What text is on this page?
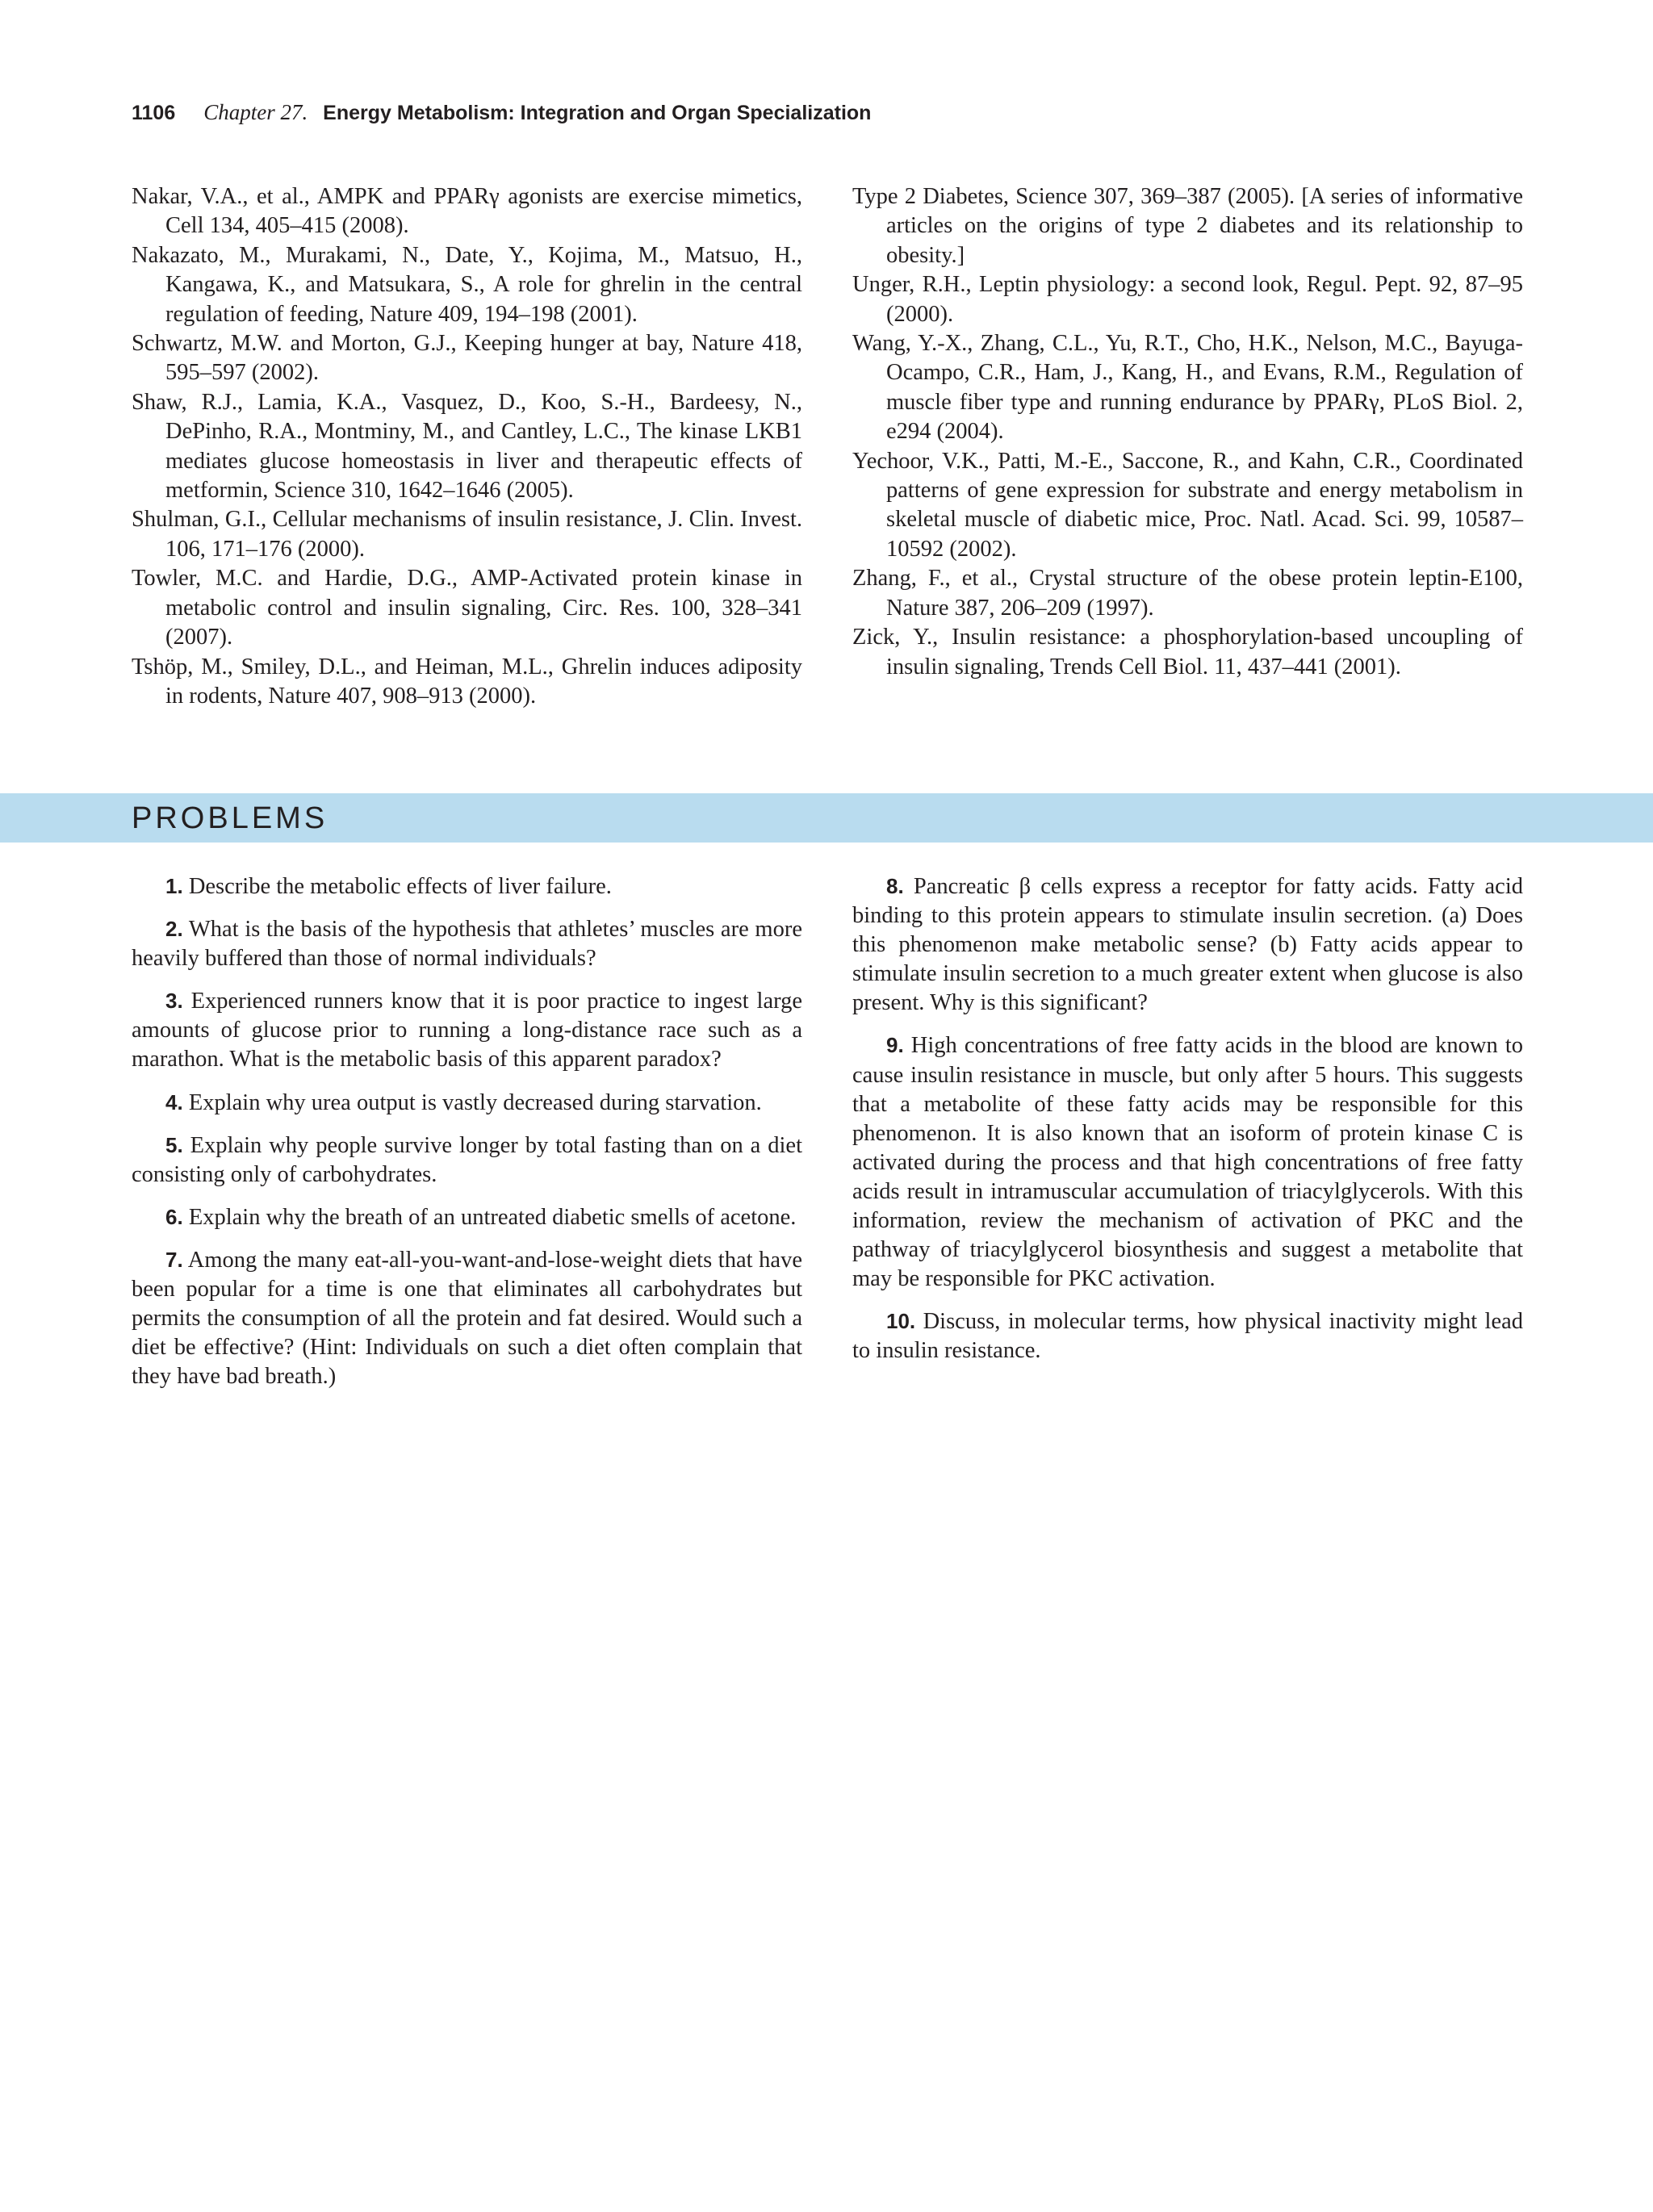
1106 Chapter 27. Energy Metabolism: Integration and Organ Specialization

Nakar, V.A., et al., AMPK and PPARγ agonists are exercise mimetics, Cell 134, 405–415 (2008).

Nakazato, M., Murakami, N., Date, Y., Kojima, M., Matsuo, H., Kangawa, K., and Matsukara, S., A role for ghrelin in the central regulation of feeding, Nature 409, 194–198 (2001).

Schwartz, M.W. and Morton, G.J., Keeping hunger at bay, Nature 418, 595–597 (2002).

Shaw, R.J., Lamia, K.A., Vasquez, D., Koo, S.-H., Bardeesy, N., DePinho, R.A., Montminy, M., and Cantley, L.C., The kinase LKB1 mediates glucose homeostasis in liver and therapeutic effects of metformin, Science 310, 1642–1646 (2005).

Shulman, G.I., Cellular mechanisms of insulin resistance, J. Clin. Invest. 106, 171–176 (2000).

Towler, M.C. and Hardie, D.G., AMP-Activated protein kinase in metabolic control and insulin signaling, Circ. Res. 100, 328–341 (2007).

Tshöp, M., Smiley, D.L., and Heiman, M.L., Ghrelin induces adiposity in rodents, Nature 407, 908–913 (2000).

Type 2 Diabetes, Science 307, 369–387 (2005). [A series of informative articles on the origins of type 2 diabetes and its relationship to obesity.]

Unger, R.H., Leptin physiology: a second look, Regul. Pept. 92, 87–95 (2000).

Wang, Y.-X., Zhang, C.L., Yu, R.T., Cho, H.K., Nelson, M.C., Bayuga-Ocampo, C.R., Ham, J., Kang, H., and Evans, R.M., Regulation of muscle fiber type and running endurance by PPARγ, PLoS Biol. 2, e294 (2004).

Yechoor, V.K., Patti, M.-E., Saccone, R., and Kahn, C.R., Coordinated patterns of gene expression for substrate and energy metabolism in skeletal muscle of diabetic mice, Proc. Natl. Acad. Sci. 99, 10587–10592 (2002).

Zhang, F., et al., Crystal structure of the obese protein leptin-E100, Nature 387, 206–209 (1997).

Zick, Y., Insulin resistance: a phosphorylation-based uncoupling of insulin signaling, Trends Cell Biol. 11, 437–441 (2001).

PROBLEMS

1. Describe the metabolic effects of liver failure.

2. What is the basis of the hypothesis that athletes’ muscles are more heavily buffered than those of normal individuals?

3. Experienced runners know that it is poor practice to ingest large amounts of glucose prior to running a long-distance race such as a marathon. What is the metabolic basis of this apparent paradox?

4. Explain why urea output is vastly decreased during starvation.

5. Explain why people survive longer by total fasting than on a diet consisting only of carbohydrates.

6. Explain why the breath of an untreated diabetic smells of acetone.

7. Among the many eat-all-you-want-and-lose-weight diets that have been popular for a time is one that eliminates all carbohydrates but permits the consumption of all the protein and fat desired. Would such a diet be effective? (Hint: Individuals on such a diet often complain that they have bad breath.)

8. Pancreatic β cells express a receptor for fatty acids. Fatty acid binding to this protein appears to stimulate insulin secretion. (a) Does this phenomenon make metabolic sense? (b) Fatty acids appear to stimulate insulin secretion to a much greater extent when glucose is also present. Why is this significant?

9. High concentrations of free fatty acids in the blood are known to cause insulin resistance in muscle, but only after 5 hours. This suggests that a metabolite of these fatty acids may be responsible for this phenomenon. It is also known that an isoform of protein kinase C is activated during the process and that high concentrations of free fatty acids result in intramuscular accumulation of triacylglycerols. With this information, review the mechanism of activation of PKC and the pathway of triacylglycerol biosynthesis and suggest a metabolite that may be responsible for PKC activation.

10. Discuss, in molecular terms, how physical inactivity might lead to insulin resistance.
